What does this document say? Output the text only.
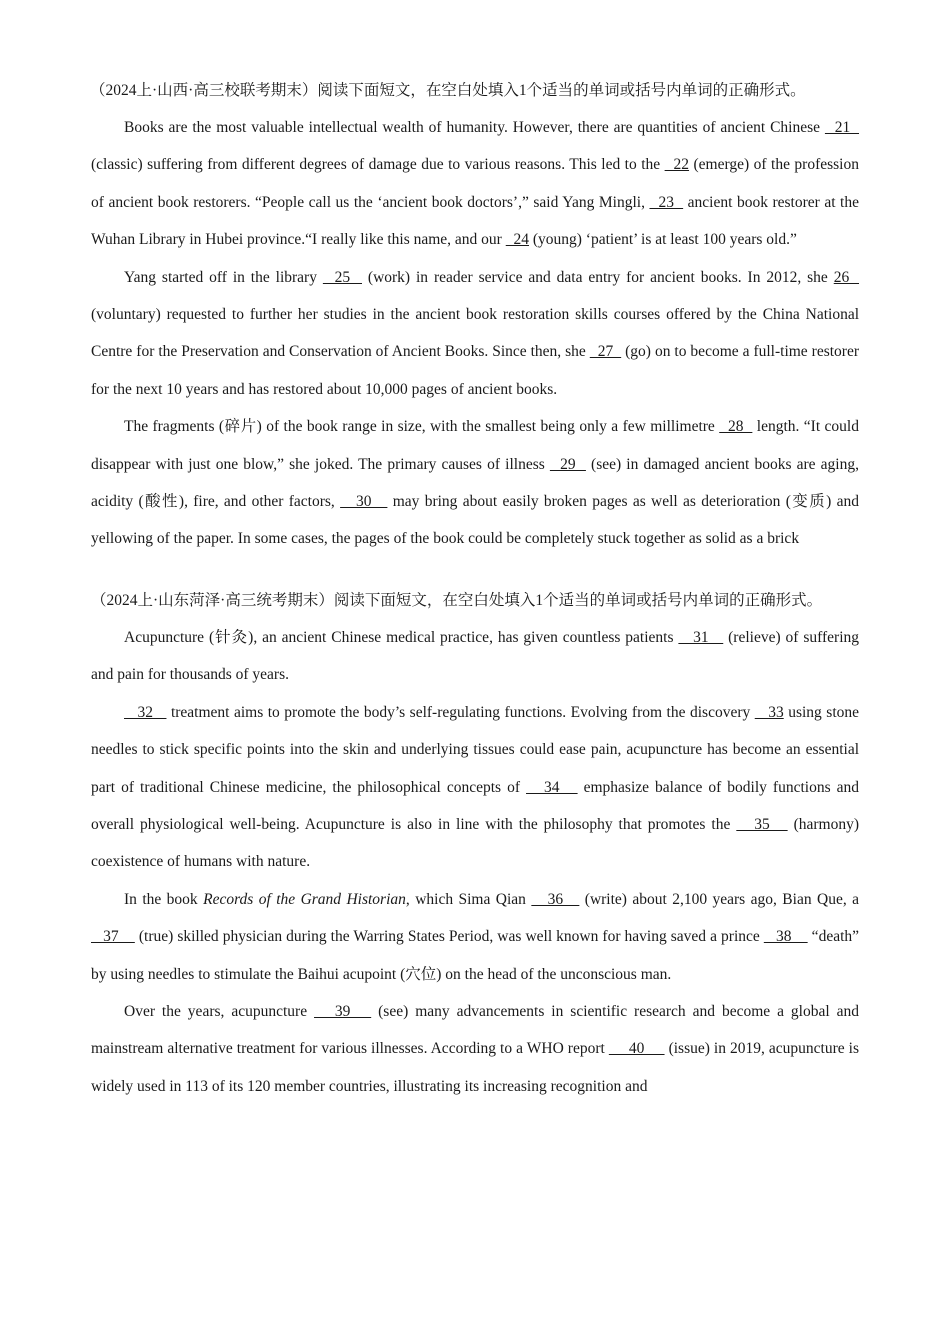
（2024上·山西·高三校联考期末）阅读下面短文，在空白处填入1个适当的单词或括号内单词的正确形式。

Books are the most valuable intellectual wealth of humanity. However, there are quantities of ancient Chinese   21   (classic) suffering from different degrees of damage due to various reasons. This led to the   22 (emerge) of the profession of ancient book restorers. “People call us the ‘ancient book doctors’,” said Yang Mingli,   23   ancient book restorer at the Wuhan Library in Hubei province.“I really like this name, and our   24 (young) ‘patient’ is at least 100 years old.”

Yang started off in the library   25   (work) in reader service and data entry for ancient books. In 2012, she 26   (voluntary) requested to further her studies in the ancient book restoration skills courses offered by the China National Centre for the Preservation and Conservation of Ancient Books. Since then, she   27   (go) on to become a full-time restorer for the next 10 years and has restored about 10,000 pages of ancient books.

The fragments (碎片) of the book range in size, with the smallest being only a few millimetre   28   length. “It could disappear with just one blow,” she joked. The primary causes of illness   29   (see) in damaged ancient books are aging, acidity (酸性), fire, and other factors,    30    may bring about easily broken pages as well as deterioration (变质) and yellowing of the paper. In some cases, the pages of the book could be completely stuck together as solid as a brick

（2024上·山东菏泽·高三统考期末）阅读下面短文，在空白处填入1个适当的单词或括号内单词的正确形式。

Acupuncture (针灸), an ancient Chinese medical practice, has given countless patients    31    (relieve) of suffering and pain for thousands of years.

32    treatment aims to promote the body’s self-regulating functions. Evolving from the discovery    33 using stone needles to stick specific points into the skin and underlying tissues could ease pain, acupuncture has become an essential part of traditional Chinese medicine, the philosophical concepts of    34    emphasize balance of bodily functions and overall physiological well-being. Acupuncture is also in line with the philosophy that promotes the    35    (harmony) coexistence of humans with nature.

In the book Records of the Grand Historian, which Sima Qian    36    (write) about 2,100 years ago, Bian Que, a    37     (true) skilled physician during the Warring States Period, was well known for having saved a prince    38     “death” by using needles to stimulate the Baihui acupoint (穴位) on the head of the unconscious man.

Over the years, acupuncture    39    (see) many advancements in scientific research and become a global and mainstream alternative treatment for various illnesses. According to a WHO report      40      (issue) in 2019, acupuncture is widely used in 113 of its 120 member countries, illustrating its increasing recognition and
